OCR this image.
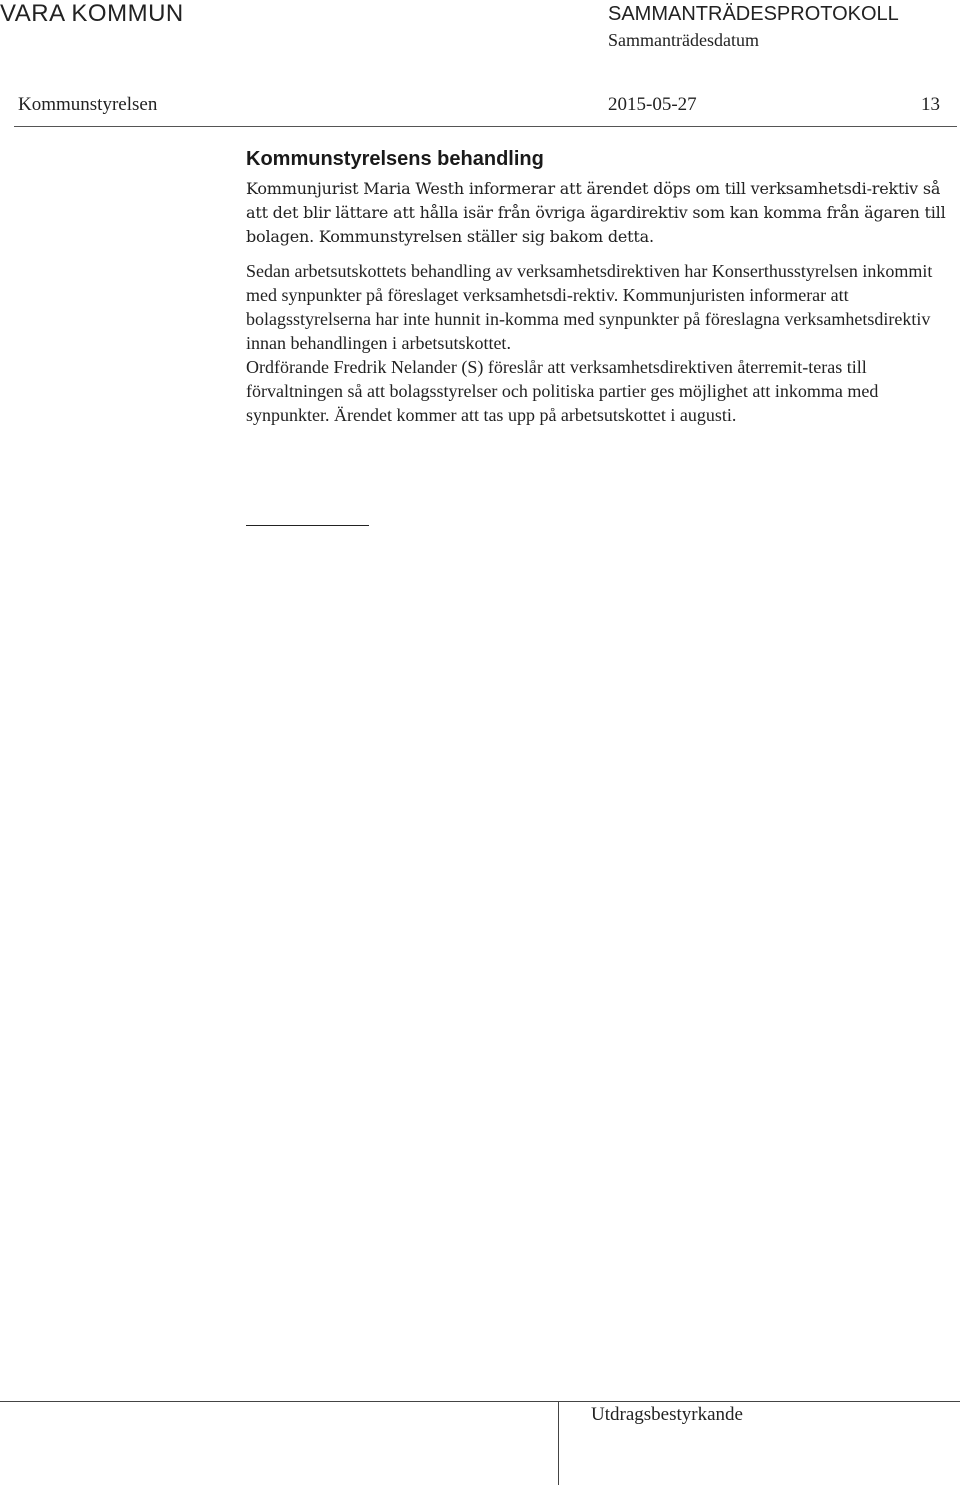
VARA KOMMUN	SAMMANTRÄDESPROTOKOLL
Sammanträdesdatum
Kommunstyrelsen	2015-05-27	13
Kommunstyrelsens behandling

Kommunjurist Maria Westh informerar att ärendet döps om till verksamhetsdi-rektiv så att det blir lättare att hålla isär från övriga ägardirektiv som kan komma från ägaren till bolagen. Kommunstyrelsen ställer sig bakom detta.

Sedan arbetsutskottets behandling av verksamhetsdirektiven har Konserthusstyrelsen inkommit med synpunkter på föreslaget verksamhetsdi-rektiv. Kommunjuristen informerar att bolagsstyrelserna har inte hunnit in-komma med synpunkter på föreslagna verksamhetsdirektiv innan behandlingen i arbetsutskottet.

Ordförande Fredrik Nelander (S) föreslår att verksamhetsdirektiven återremit-teras till förvaltningen så att bolagsstyrelser och politiska partier ges möjlighet att inkomma med synpunkter. Ärendet kommer att tas upp på arbetsutskottet i augusti.

Utdragsbestyrkande
